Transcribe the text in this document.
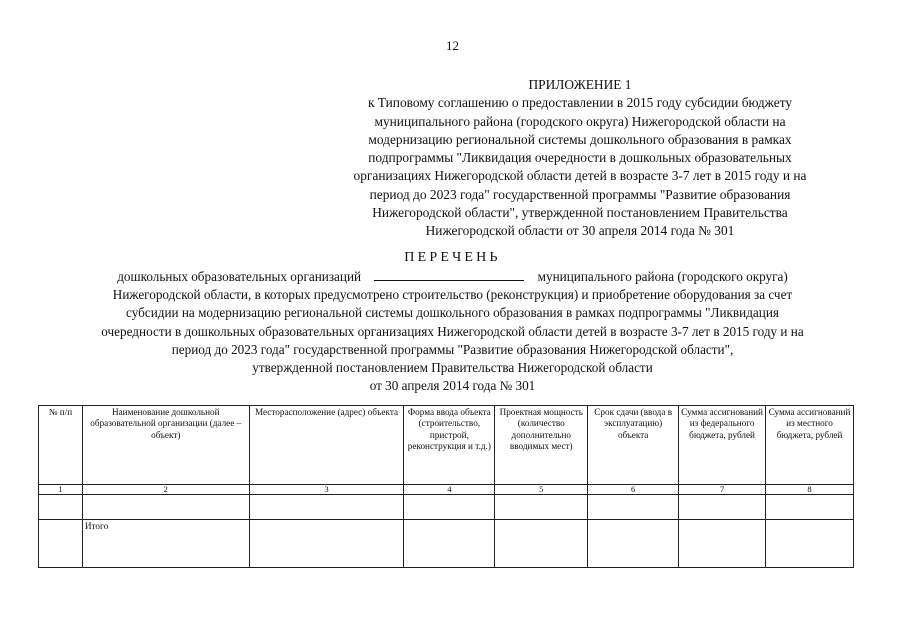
12
ПРИЛОЖЕНИЕ 1
к Типовому соглашению о предоставлении в 2015 году субсидии бюджету
муниципального района (городского округа) Нижегородской области на
модернизацию региональной системы дошкольного образования в рамках
подпрограммы "Ликвидация очередности в дошкольных образовательных
организациях Нижегородской области детей в возрасте 3-7 лет в 2015 году и на
период до 2023 года" государственной программы "Развитие образования
Нижегородской области", утвержденной постановлением Правительства
Нижегородской области от 30 апреля 2014 года № 301
ПЕРЕЧЕНЬ
дошкольных образовательных организаций	муниципального района (городского округа)
Нижегородской области, в которых предусмотрено строительство (реконструкция) и приобретение оборудования за счет
субсидии на модернизацию региональной системы дошкольного образования в рамках подпрограммы "Ликвидация
очередности в дошкольных образовательных организациях Нижегородской области детей в возрасте 3-7 лет в 2015 году и на
период до 2023 года" государственной программы "Развитие образования Нижегородской области",
утвержденной постановлением Правительства Нижегородской области
от 30 апреля 2014 года № 301
№ п/п	Наименование дошкольной образовательной организации (далее – объект)	Месторасположение (адрес) объекта	Форма ввода объекта (строительство, пристрой, реконструкция и т.д.)	Проектная мощность (количество дополнительно вводимых мест)	Срок сдачи (ввода в эксплуатацию) объекта	Сумма ассигнований из федерального бюджета, рублей	Сумма ассигнований из местного бюджета, рублей
1	2	3	4	5	6	7	8

	Итого						
